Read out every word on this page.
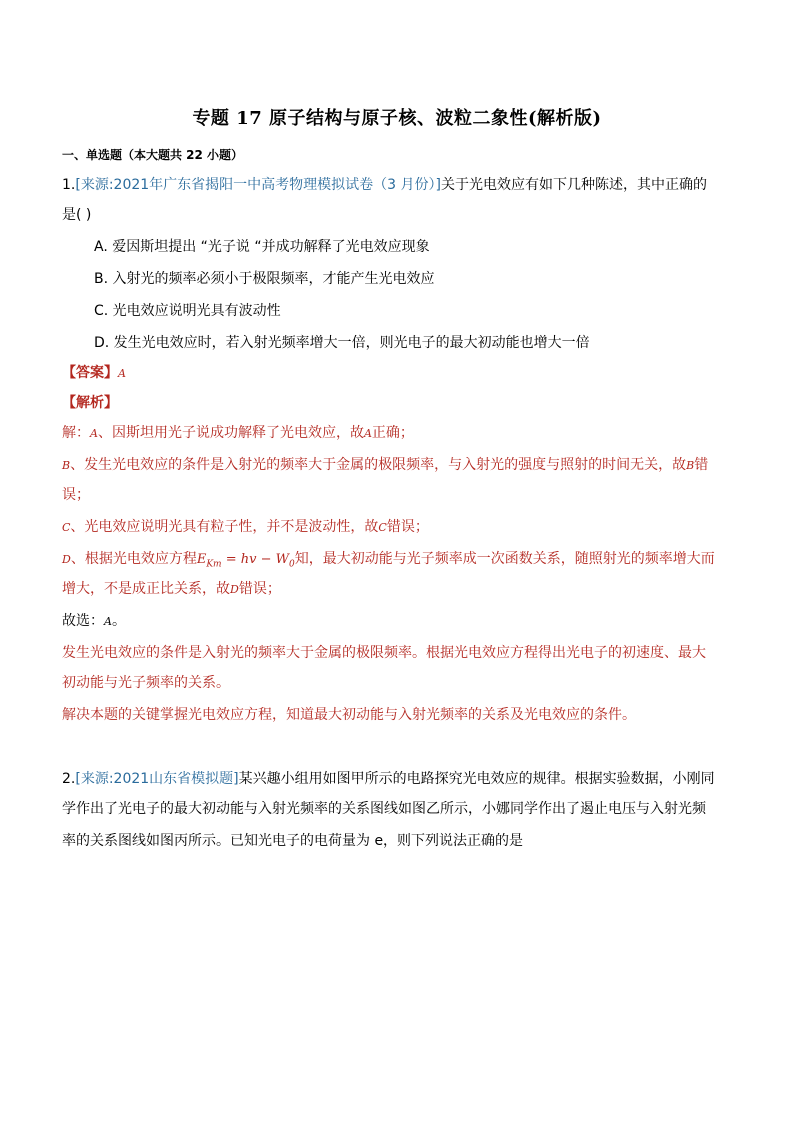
专题 17 原子结构与原子核、波粒二象性(解析版)
一、单选题（本大题共 22 小题）
1.[来源:2021年广东省揭阳一中高考物理模拟试卷（3 月份）]关于光电效应有如下几种陈述，其中正确的
是( )
A. 爱因斯坦提出 “光子说 “并成功解释了光电效应现象
B. 入射光的频率必须小于极限频率，才能产生光电效应
C. 光电效应说明光具有波动性
D. 发生光电效应时，若入射光频率增大一倍，则光电子的最大初动能也增大一倍
【答案】A
【解析】
解：A、因斯坦用光子说成功解释了光电效应，故A正确；
B、发生光电效应的条件是入射光的频率大于金属的极限频率，与入射光的强度与照射的时间无关，故B错
误；
C、光电效应说明光具有粒子性，并不是波动性，故C错误；
D、根据光电效应方程$E_{Km}$ = hv − $W_0$知，最大初动能与光子频率成一次函数关系，随照射光的频率增大而
增大，不是成正比关系，故D错误；
故选：A。
发生光电效应的条件是入射光的频率大于金属的极限频率。根据光电效应方程得出光电子的初速度、最大
初动能与光子频率的关系。
解决本题的关键掌握光电效应方程，知道最大初动能与入射光频率的关系及光电效应的条件。
2.[来源:2021山东省模拟题]某兴趣小组用如图甲所示的电路探究光电效应的规律。根据实验数据，小刚同
学作出了光电子的最大初动能与入射光频率的关系图线如图乙所示，小娜同学作出了遏止电压与入射光频
率的关系图线如图丙所示。已知光电子的电荷量为 e，则下列说法正确的是
